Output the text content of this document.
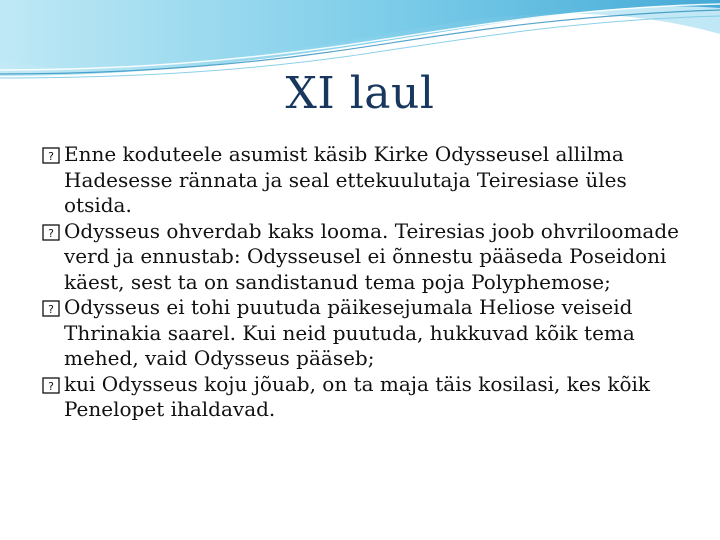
XI laul
? Enne koduteele asumist käsib Kirke Odysseusel allilma Hadesesse rännata ja seal ettekuulutaja Teiresiase üles otsida.
? Odysseus ohverdab kaks looma. Teiresias joob ohvriloomade verd ja ennustab: Odysseusel ei õnnestu pääseda Poseidoni käest, sest ta on sandistanud tema poja Polyphemose;
? Odysseus ei tohi puutuda päikesejumala Heliose veiseid Thrinakia saarel. Kui neid puutuda, hukkuvad kõik tema mehed, vaid Odysseus pääseb;
? kui Odysseus koju jõuab, on ta maja täis kosilasi, kes kõik Penelopet ihaldavad.
